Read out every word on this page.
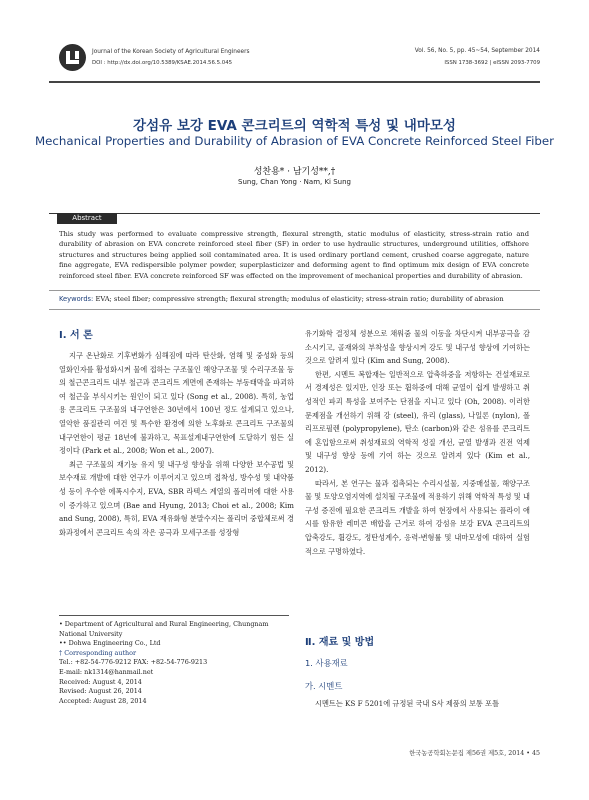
Journal of the Korean Society of Agricultural Engineers
DOI : http://dx.doi.org/10.5389/KSAE.2014.56.5.045
Vol. 56, No. 5, pp. 45~54, September 2014
ISSN 1738-3692 | eISSN 2093-7709
강섬유 보강 EVA 콘크리트의 역학적 특성 및 내마모성
Mechanical Properties and Durability of Abrasion of EVA Concrete Reinforced Steel Fiber
성찬용* · 남기성**,†
Sung, Chan Yong · Nam, Ki Sung
Abstract
This study was performed to evaluate compressive strength, flexural strength, static modulus of elasticity, stress-strain ratio and durability of abrasion on EVA concrete reinforced steel fiber (SF) in order to use hydraulic structures, underground utilities, offshore structures and structures being applied soil contaminated area. It is used ordinary portland cement, crushed coarse aggregate, nature fine aggregate, EVA redispersible polymer powder, superplasticizer and deforming agent to find optimum mix design of EVA concrete reinforced steel fiber. EVA concrete reinforced SF was effected on the improvement of mechanical properties and durability of abrasion.
Keywords: EVA; steel fiber; compressive strength; flexural strength; modulus of elasticity; stress-strain ratio; durability of abrasion
Ⅰ. 서 론

지구 온난화로 기후변화가 심해짐에 따라 탄산화, 염해 및 중성화 등의 열화인자를 활성화시켜 물에 접하는 구조물인 해양구조물 및 수리구조물 등의 철근콘크리트 내부 철근과 콘크리트 계면에 존재하는 부동태막을 파괴하여 철근을 부식시키는 원인이 되고 있다 (Song et al., 2008). 특히, 농업용 콘크리트 구조물의 내구연한은 30년에서 100년 정도 설계되고 있으나, 열악한 품질관리 여건 및 특수한 환경에 의한 노후화로 콘크리트 구조물의 내구연한이 평균 18년에 불과하고, 목표설계내구연한에 도달하기 힘든 실정이다 (Park et al., 2008; Won et al., 2007).

최근 구조물의 재기능 유지 및 내구성 향상을 위해 다양한 보수공법 및 보수재료 개발에 대한 연구가 이루어지고 있으며 접착성, 방수성 및 내약품성 등이 우수한 에폭시수지, EVA, SBR 라텍스 계열의 폴리머에 대한 사용이 증가하고 있으며 (Bae and Hyung, 2013; Choi et al., 2008; Kim and Sung, 2008), 특히, EVA 재유화형 분말수지는 폴리머 중합체로써 경화과정에서 콘크리트 속의 작은 공극과 모세구조를 성장형

• Department of Agricultural and Rural Engineering, Chungnam
National University
•• Dohwa Engineering Co., Ltd
† Corresponding author
Tel.: +82-54-776-9212 FAX: +82-54-776-9213
E-mail: nk1314@hanmail.net
Received: August 4, 2014
Revised: August 26, 2014
Accepted: August 28, 2014

유기화학 결정체 성분으로 채워줌 물의 이동을 차단시켜 내부공극을 감소시키고, 골재와의 부착성을 향상시켜 강도 및 내구성 향상에 기여하는 것으로 알려져 있다 (Kim and Sung, 2008).

한편, 시멘트 복합재는 일반적으로 압축하중을 저항하는 건설재료로서 경제성은 있지만, 인장 또는 휨하중에 대해 균열이 쉽게 발생하고 취성적인 파괴 특성을 보여주는 단점을 지니고 있다 (Oh, 2008). 이러한 문제점을 개선하기 위해 강 (steel), 유리 (glass), 나일론 (nylon), 폴리프로필렌 (polypropylene), 탄소 (carbon)와 같은 섬유를 콘크리트에 혼입함으로써 취성재료의 역학적 성질 개선, 균열 발생과 진전 억제 및 내구성 향상 등에 기여 하는 것으로 알려져 있다 (Kim et al., 2012).

따라서, 본 연구는 물과 접촉되는 수리시설물, 지중매설물, 해양구조물 및 토양오염지역에 설치될 구조물에 적용하기 위해 역학적 특성 및 내구성 증진에 필요한 콘크리트 개발을 하여 현장에서 사용되는 플라이 애시를 함유한 레미콘 배합을 근거로 하여 강섬유 보강 EVA 콘크리트의 압축강도, 휨강도, 정탄성계수, 응력-변형률 및 내마모성에 대하여 실험적으로 구명하였다.

Ⅱ. 재료 및 방법
1. 사용재료
가. 시멘트

시멘트는 KS F 5201에 규정된 국내 S사 제품의 보통 포틀

한국농공학회논문집 제56권 제5호, 2014 • 45
